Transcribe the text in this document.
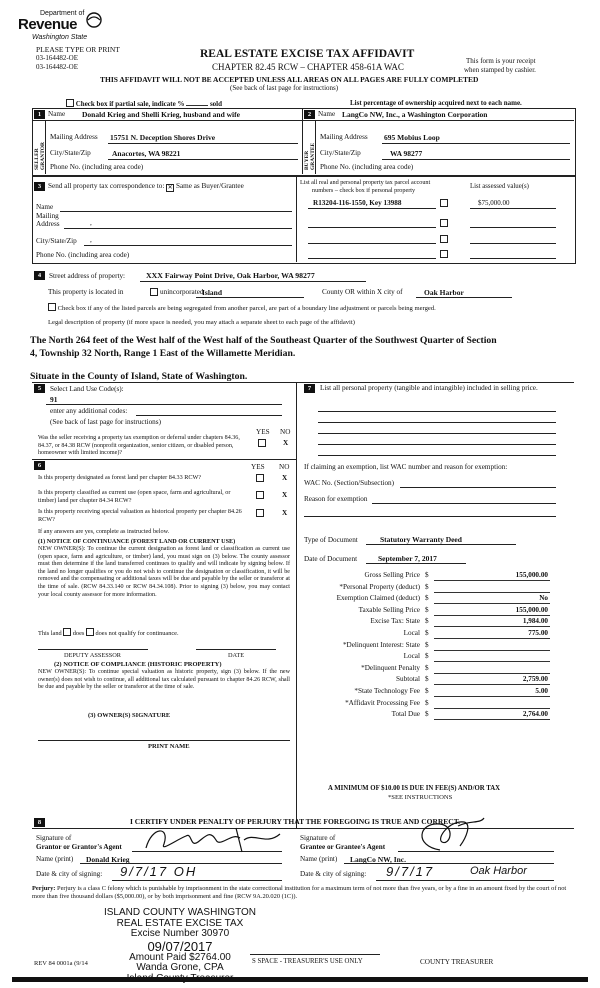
Department of
Revenue
Washington State
PLEASE TYPE OR PRINT
03-164482-OE
03-164482-OE
REAL ESTATE EXCISE TAX AFFIDAVIT
CHAPTER 82.45 RCW – CHAPTER 458-61A WAC
This form is your receipt
when stamped by cashier.
THIS AFFIDAVIT WILL NOT BE ACCEPTED UNLESS ALL AREAS ON ALL PAGES ARE FULLY COMPLETED
(See back of last page for instructions)
Check box if partial sale, indicate %	sold	List percentage of ownership acquired next to each name.
1 Name Donald Krieg and Shelli Krieg, husband and wife
SELLER GRANTOR
Mailing Address 15751 N. Deception Shores Drive
City/State/Zip	Anacortes, WA 98221
Phone No. (including area code)
2 Name LangCo NW, Inc., a Washington Corporation
BUYER GRANTEE
Mailing Address 695 Mobius Loop
City/State/Zip	WA 98277
Phone No. (including area code)
3 Send all property tax correspondence to: ✕ Same as Buyer/Grantee
Name
Mailing
Address	,
City/State/Zip ,
Phone No. (including area code)
List all real and personal property tax parcel account
numbers – check box if personal property
List assessed value(s)
R13204-116-1550, Key 13988	$75,000.00
4	Street address of property:	XXX Fairway Point Drive, Oak Harbor, WA 98277
This property is located in	unincorporated
Island	County OR within X city of	Oak Harbor
Check box if any of the listed parcels are being segregated from another parcel, are part of a boundary line adjustment or parcels being merged.
Legal description of property (if more space is needed, you may attach a separate sheet to each page of the affidavit)
The North 264 feet of the West half of the West half of the Southeast Quarter of the Southwest Quarter of Section
4, Township 32 North, Range 1 East of the Willamette Meridian.
Situate in the County of Island, State of Washington.
5	Select Land Use Code(s):
91
enter any additional codes:
(See back of last page for instructions)
YES NO
Was the seller receiving a property tax exemption or deferral under chapters 84.36, 84.37, or 84.38 RCW (nonprofit organization, senior citizen, or disabled person, homeowner with limited income)?
X
6	YES NO
Is this property designated as forest land per chapter 84.33 RCW?	X
Is this property classified as current use (open space, farm and agricultural, or timber) land per chapter 84.34 RCW?
X
Is this property receiving special valuation as historical property per chapter 84.26 RCW?
X
If any answers are yes, complete as instructed below.
(1) NOTICE OF CONTINUANCE (FOREST LAND OR CURRENT USE)
NEW OWNER(S): To continue the current designation as forest land or classification as current use (open space, farm and agriculture, or timber) land, you must sign on (3) below. The county assessor must then determine if the land transferred continues to qualify and will indicate by signing below. If the land no longer qualifies or you do not wish to continue the designation or classification, it will be removed and the compensating or additional taxes will be due and payable by the seller or transferor at the time of sale. (RCW 84.33.140 or RCW 84.34.108). Prior to signing (3) below, you may contact your local county assessor for more information.
This land does does not qualify for continuance.
DEPUTY ASSESSOR	DATE
(2) NOTICE OF COMPLIANCE (HISTORIC PROPERTY)
NEW OWNER(S): To continue special valuation as historic property, sign (3) below. If the new owner(s) does not wish to continue, all additional tax calculated pursuant to chapter 84.26 RCW, shall be due and payable by the seller or transferor at the time of sale.
(3) OWNER(S) SIGNATURE
PRINT NAME
7	List all personal property (tangible and intangible) included in selling price.
If claiming an exemption, list WAC number and reason for exemption:
WAC No. (Section/Subsection)
Reason for exemption
Type of Document	Statutory Warranty Deed
Date of Document	September 7, 2017
Gross Selling Price $	155,000.00
*Personal Property (deduct) $
Exemption Claimed (deduct) $	No
Taxable Selling Price $	155,000.00
Excise Tax: State $	1,984.00
Local $	775.00
*Delinquent Interest: State $
Local $
*Delinquent Penalty $
Subtotal $	2,759.00
*State Technology Fee $	5.00
*Affidavit Processing Fee $
Total Due $	2,764.00
A MINIMUM OF $10.00 IS DUE IN FEE(S) AND/OR TAX
*SEE INSTRUCTIONS
8	I CERTIFY UNDER PENALTY OF PERJURY THAT THE FOREGOING IS TRUE AND CORRECT.
Signature of
Grantor or Grantor's Agent
Name (print) Donald Krieg
Date & city of signing: 9/7/17 OH
Signature of
Grantee or Grantee's Agent
Name (print) LangCo NW, Inc.
Date & city of signing: 9/7/17	Oak Harbor
Perjury: Perjury is a class C felony which is punishable by imprisonment in the state correctional institution for a maximum term of not more than five years, or by a fine in an amount fixed by the court of not more than five thousand dollars ($5,000.00), or by both imprisonment and fine (RCW 9A.20.020 (1C)).
ISLAND COUNTY WASHINGTON
REAL ESTATE EXCISE TAX
Excise Number 30970
09/07/2017
Amount Paid $2764.00
Wanda Grone, CPA
REV 84 0001a (9/14	S SPACE - TREASURER'S USE ONLY	COUNTY TREASURER
